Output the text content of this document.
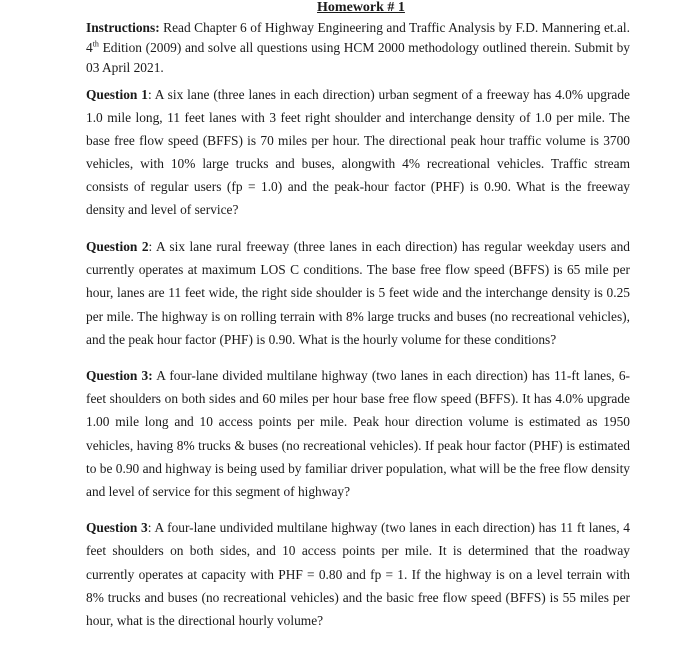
Homework # 1

Instructions: Read Chapter 6 of Highway Engineering and Traffic Analysis by F.D. Mannering et.al. 4th Edition (2009) and solve all questions using HCM 2000 methodology outlined therein. Submit by 03 April 2021.

Question 1: A six lane (three lanes in each direction) urban segment of a freeway has 4.0% upgrade 1.0 mile long, 11 feet lanes with 3 feet right shoulder and interchange density of 1.0 per mile. The base free flow speed (BFFS) is 70 miles per hour. The directional peak hour traffic volume is 3700 vehicles, with 10% large trucks and buses, alongwith 4% recreational vehicles. Traffic stream consists of regular users (fp = 1.0) and the peak-hour factor (PHF) is 0.90. What is the freeway density and level of service?

Question 2: A six lane rural freeway (three lanes in each direction) has regular weekday users and currently operates at maximum LOS C conditions. The base free flow speed (BFFS) is 65 mile per hour, lanes are 11 feet wide, the right side shoulder is 5 feet wide and the interchange density is 0.25 per mile. The highway is on rolling terrain with 8% large trucks and buses (no recreational vehicles), and the peak hour factor (PHF) is 0.90. What is the hourly volume for these conditions?

Question 3: A four-lane divided multilane highway (two lanes in each direction) has 11-ft lanes, 6-feet shoulders on both sides and 60 miles per hour base free flow speed (BFFS). It has 4.0% upgrade 1.00 mile long and 10 access points per mile. Peak hour direction volume is estimated as 1950 vehicles, having 8% trucks & buses (no recreational vehicles). If peak hour factor (PHF) is estimated to be 0.90 and highway is being used by familiar driver population, what will be the free flow density and level of service for this segment of highway?

Question 3: A four-lane undivided multilane highway (two lanes in each direction) has 11 ft lanes, 4 feet shoulders on both sides, and 10 access points per mile. It is determined that the roadway currently operates at capacity with PHF = 0.80 and fp = 1. If the highway is on a level terrain with 8% trucks and buses (no recreational vehicles) and the basic free flow speed (BFFS) is 55 miles per hour, what is the directional hourly volume?
